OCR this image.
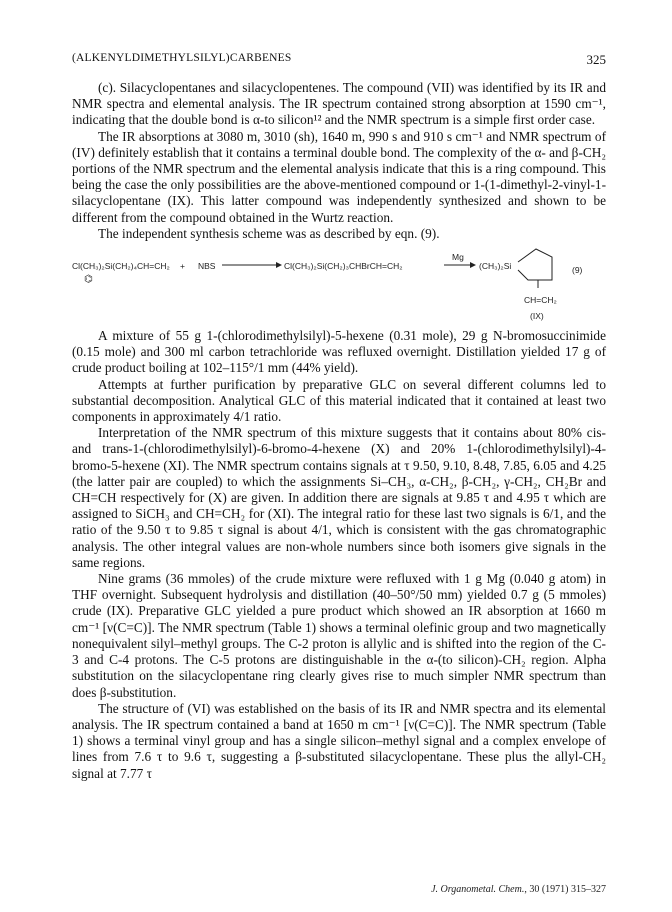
(ALKENYLDIMETHYLSILYL)CARBENES	325

(c). Silacyclopentanes and silacyclopentenes. The compound (VII) was identified by its IR and NMR spectra and elemental analysis. The IR spectrum contained strong absorption at 1590 cm⁻¹, indicating that the double bond is α-to silicon¹² and the NMR spectrum is a simple first order case.

The IR absorptions at 3080 m, 3010 (sh), 1640 m, 990 s and 910 s cm⁻¹ and NMR spectrum of (IV) definitely establish that it contains a terminal double bond. The complexity of the α- and β-CH₂ portions of the NMR spectrum and the elemental analysis indicate that this is a ring compound. This being the case the only possibilities are the above-mentioned compound or 1-(1-dimethyl-2-vinyl-1-silacyclopentane (IX). This latter compound was independently synthesized and shown to be different from the compound obtained in the Wurtz reaction.

The independent synthesis scheme was as described by eqn. (9).

Cl(CH₃)₂Si(CH₂)₄CH=CH₂
⌬
+ NBS	Cl(CH₃)₂Si(CH₂)₃CHBrCH=CH₂
Mg
(CH₃)₂Si	(9)
CH=CH₂
(IX)

A mixture of 55 g 1-(chlorodimethylsilyl)-5-hexene (0.31 mole), 29 g N-bromosuccinimide (0.15 mole) and 300 ml carbon tetrachloride was refluxed overnight. Distillation yielded 17 g of crude product boiling at 102–115°/1 mm (44% yield).

Attempts at further purification by preparative GLC on several different columns led to substantial decomposition. Analytical GLC of this material indicated that it contained at least two components in approximately 4/1 ratio.

Interpretation of the NMR spectrum of this mixture suggests that it contains about 80% cis- and trans-1-(chlorodimethylsilyl)-6-bromo-4-hexene (X) and 20% 1-(chlorodimethylsilyl)-4-bromo-5-hexene (XI). The NMR spectrum contains signals at τ 9.50, 9.10, 8.48, 7.85, 6.05 and 4.25 (the latter pair are coupled) to which the assignments Si–CH₃, α-CH₂, β-CH₂, γ-CH₂, CH₂Br and CH=CH respectively for (X) are given. In addition there are signals at 9.85 τ and 4.95 τ which are assigned to SiCH₃ and CH=CH₂ for (XI). The integral ratio for these last two signals is 6/1, and the ratio of the 9.50 τ to 9.85 τ signal is about 4/1, which is consistent with the gas chromatographic analysis. The other integral values are non-whole numbers since both isomers give signals in the same regions.

Nine grams (36 mmoles) of the crude mixture were refluxed with 1 g Mg (0.040 g atom) in THF overnight. Subsequent hydrolysis and distillation (40–50°/50 mm) yielded 0.7 g (5 mmoles) crude (IX). Preparative GLC yielded a pure product which showed an IR absorption at 1660 m cm⁻¹ [ν(C=C)]. The NMR spectrum (Table 1) shows a terminal olefinic group and two magnetically nonequivalent silyl–methyl groups. The C-2 proton is allylic and is shifted into the region of the C-3 and C-4 protons. The C-5 protons are distinguishable in the α-(to silicon)-CH₂ region. Alpha substitution on the silacyclopentane ring clearly gives rise to much simpler NMR spectrum than does β-substitution.

The structure of (VI) was established on the basis of its IR and NMR spectra and its elemental analysis. The IR spectrum contained a band at 1650 m cm⁻¹ [ν(C=C)]. The NMR spectrum (Table 1) shows a terminal vinyl group and has a single silicon–methyl signal and a complex envelope of lines from 7.6 τ to 9.6 τ, suggesting a β-substituted silacyclopentane. These plus the allyl-CH₂ signal at 7.77 τ

J. Organometal. Chem., 30 (1971) 315–327
